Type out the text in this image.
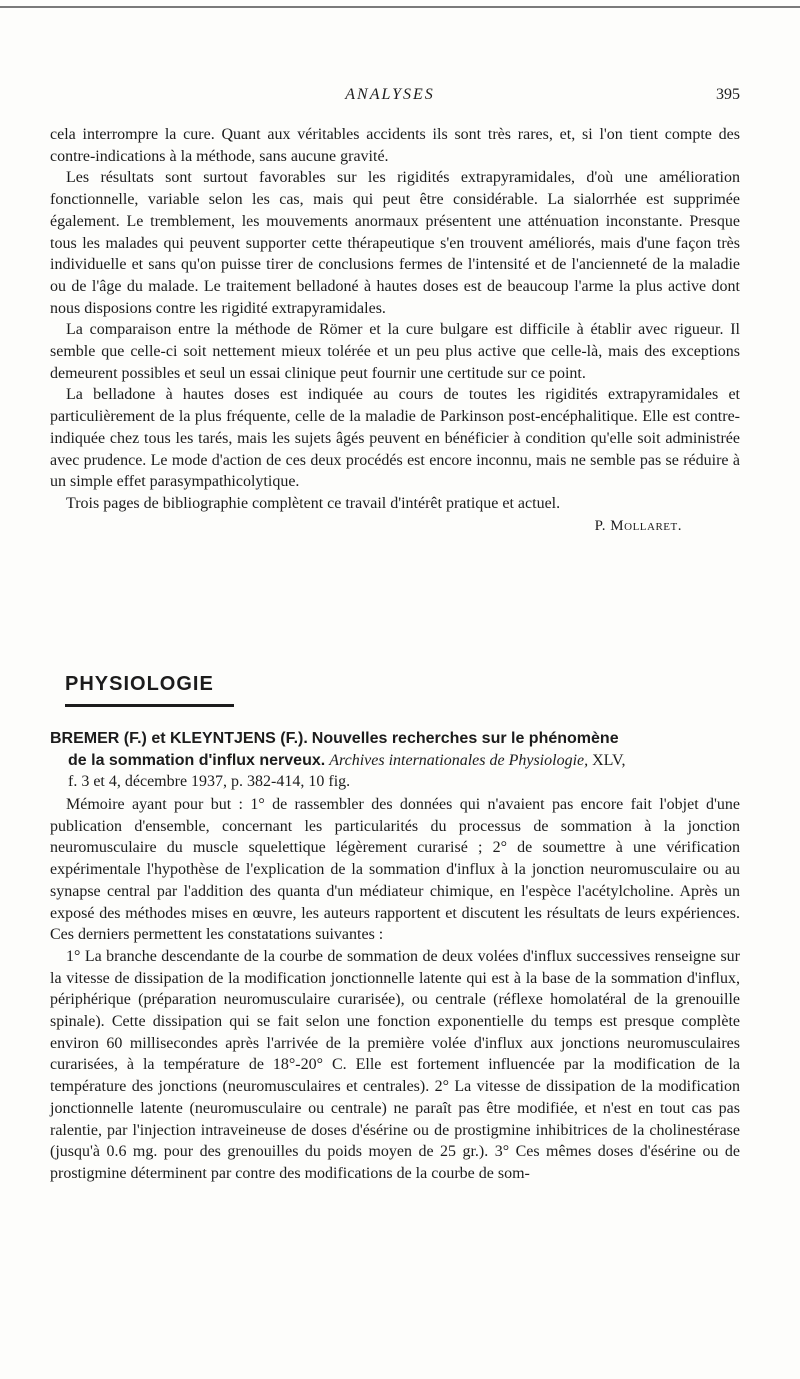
ANALYSES	395

cela interrompre la cure. Quant aux véritables accidents ils sont très rares, et, si l'on tient compte des contre-indications à la méthode, sans aucune gravité.

Les résultats sont surtout favorables sur les rigidités extrapyramidales, d'où une amélioration fonctionnelle, variable selon les cas, mais qui peut être considérable. La sialorrhée est supprimée également. Le tremblement, les mouvements anormaux présentent une atténuation inconstante. Presque tous les malades qui peuvent supporter cette thérapeutique s'en trouvent améliorés, mais d'une façon très individuelle et sans qu'on puisse tirer de conclusions fermes de l'intensité et de l'ancienneté de la maladie ou de l'âge du malade. Le traitement belladoné à hautes doses est de beaucoup l'arme la plus active dont nous disposions contre les rigidité extrapyramidales.

La comparaison entre la méthode de Römer et la cure bulgare est difficile à établir avec rigueur. Il semble que celle-ci soit nettement mieux tolérée et un peu plus active que celle-là, mais des exceptions demeurent possibles et seul un essai clinique peut fournir une certitude sur ce point.

La belladone à hautes doses est indiquée au cours de toutes les rigidités extrapyramidales et particulièrement de la plus fréquente, celle de la maladie de Parkinson post-encéphalitique. Elle est contre-indiquée chez tous les tarés, mais les sujets âgés peuvent en bénéficier à condition qu'elle soit administrée avec prudence. Le mode d'action de ces deux procédés est encore inconnu, mais ne semble pas se réduire à un simple effet parasympathicolytique.

Trois pages de bibliographie complètent ce travail d'intérêt pratique et actuel.

P. Mollaret.

PHYSIOLOGIE

BREMER (F.) et KLEYNTJENS (F.). Nouvelles recherches sur le phénomène

de la sommation d'influx nerveux. Archives internationales de Physiologie, XLV,

f. 3 et 4, décembre 1937, p. 382-414, 10 fig.

Mémoire ayant pour but : 1° de rassembler des données qui n'avaient pas encore fait l'objet d'une publication d'ensemble, concernant les particularités du processus de sommation à la jonction neuromusculaire du muscle squelettique légèrement curarisé ; 2° de soumettre à une vérification expérimentale l'hypothèse de l'explication de la sommation d'influx à la jonction neuromusculaire ou au synapse central par l'addition des quanta d'un médiateur chimique, en l'espèce l'acétylcholine. Après un exposé des méthodes mises en œuvre, les auteurs rapportent et discutent les résultats de leurs expériences. Ces derniers permettent les constatations suivantes :

1° La branche descendante de la courbe de sommation de deux volées d'influx successives renseigne sur la vitesse de dissipation de la modification jonctionnelle latente qui est à la base de la sommation d'influx, périphérique (préparation neuromusculaire curarisée), ou centrale (réflexe homolatéral de la grenouille spinale). Cette dissipation qui se fait selon une fonction exponentielle du temps est presque complète environ 60 millisecondes après l'arrivée de la première volée d'influx aux jonctions neuromusculaires curarisées, à la température de 18°-20° C. Elle est fortement influencée par la modification de la température des jonctions (neuromusculaires et centrales). 2° La vitesse de dissipation de la modification jonctionnelle latente (neuromusculaire ou centrale) ne paraît pas être modifiée, et n'est en tout cas pas ralentie, par l'injection intraveineuse de doses d'ésérine ou de prostigmine inhibitrices de la cholinestérase (jusqu'à 0.6 mg. pour des grenouilles du poids moyen de 25 gr.). 3° Ces mêmes doses d'ésérine ou de prostigmine déterminent par contre des modifications de la courbe de som-
